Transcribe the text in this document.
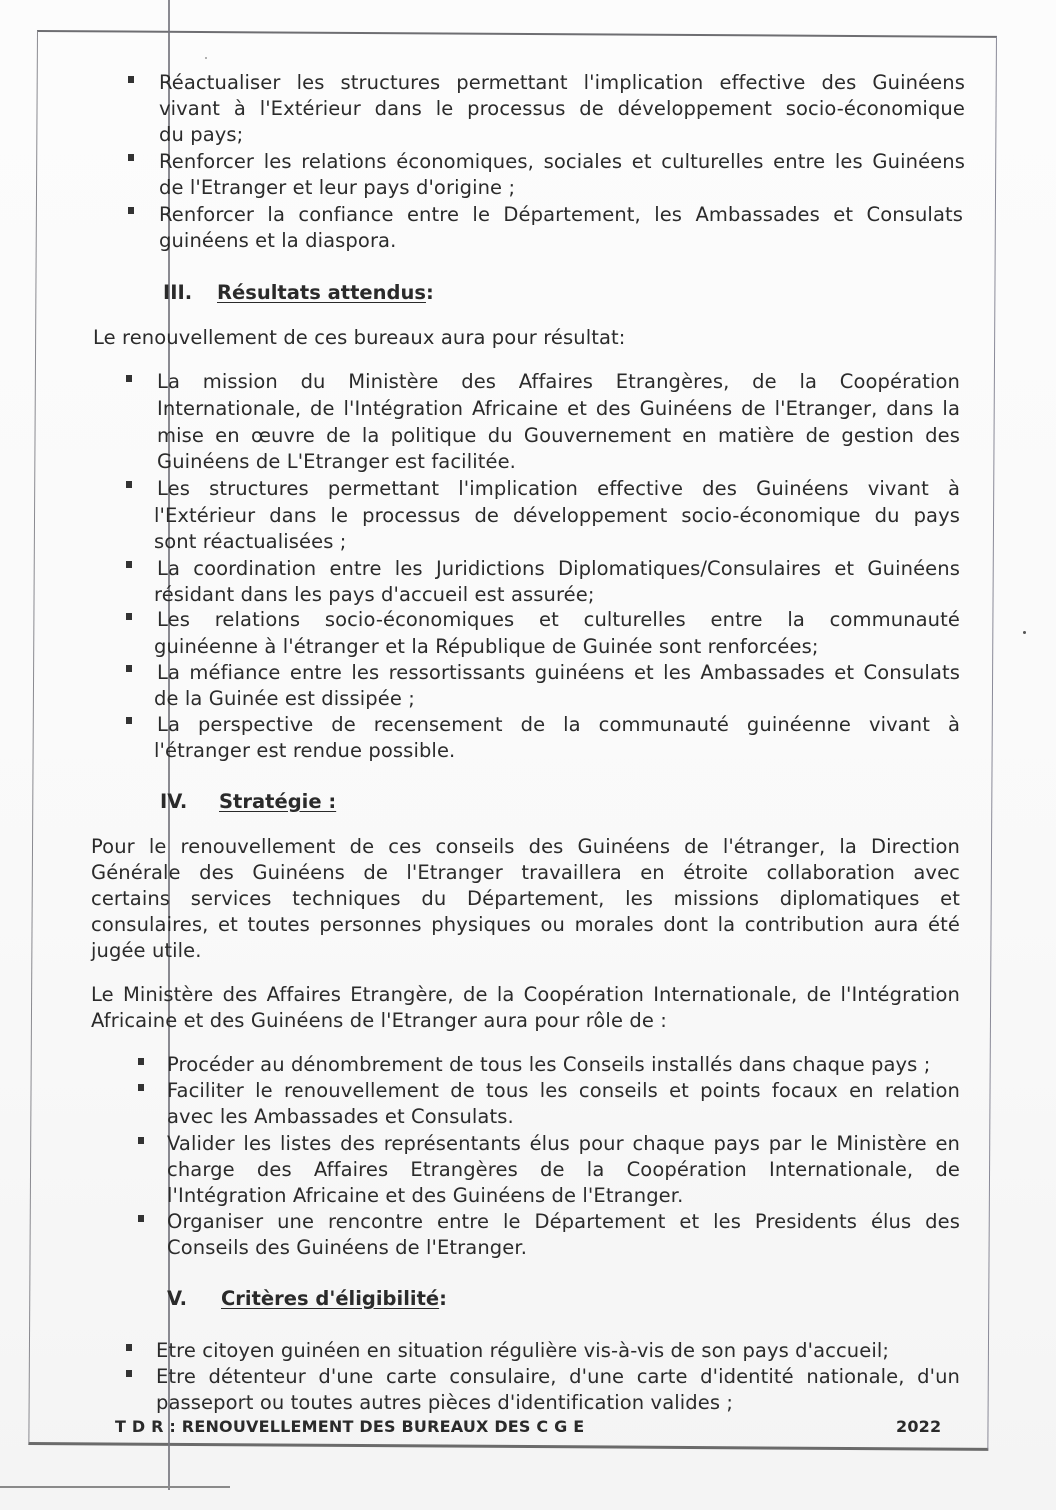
Réactualiser les structures permettant l'implication effective des Guinéens
vivant à l'Extérieur dans le processus de développement socio-économique
du pays;
Renforcer les relations économiques, sociales et culturelles entre les Guinéens
de l'Etranger et leur pays d'origine ;
Renforcer la confiance entre le Département, les Ambassades et Consulats
guinéens et la diaspora.
III. Résultats attendus:
Le renouvellement de ces bureaux aura pour résultat:
La mission du Ministère des Affaires Etrangères, de la Coopération
Internationale, de l'Intégration Africaine et des Guinéens de l'Etranger, dans la
mise en œuvre de la politique du Gouvernement en matière de gestion des
Guinéens de L'Etranger est facilitée.
Les structures permettant l'implication effective des Guinéens vivant à
l'Extérieur dans le processus de développement socio-économique du pays
sont réactualisées ;
La coordination entre les Juridictions Diplomatiques/Consulaires et Guinéens
résidant dans les pays d'accueil est assurée;
Les relations socio-économiques et culturelles entre la communauté
guinéenne à l'étranger et la République de Guinée sont renforcées;
La méfiance entre les ressortissants guinéens et les Ambassades et Consulats
de la Guinée est dissipée ;
La perspective de recensement de la communauté guinéenne vivant à
l'étranger est rendue possible.
IV. Stratégie :
Pour le renouvellement de ces conseils des Guinéens de l'étranger, la Direction
Générale des Guinéens de l'Etranger travaillera en étroite collaboration avec
certains services techniques du Département, les missions diplomatiques et
consulaires, et toutes personnes physiques ou morales dont la contribution aura été
jugée utile.
Le Ministère des Affaires Etrangère, de la Coopération Internationale, de l'Intégration
Africaine et des Guinéens de l'Etranger aura pour rôle de :
Procéder au dénombrement de tous les Conseils installés dans chaque pays ;
Faciliter le renouvellement de tous les conseils et points focaux en relation
avec les Ambassades et Consulats.
Valider les listes des représentants élus pour chaque pays par le Ministère en
charge des Affaires Etrangères de la Coopération Internationale, de
l'Intégration Africaine et des Guinéens de l'Etranger.
Organiser une rencontre entre le Département et les Presidents élus des
Conseils des Guinéens de l'Etranger.
V. Critères d'éligibilité:
Etre citoyen guinéen en situation régulière vis-à-vis de son pays d'accueil;
Etre détenteur d'une carte consulaire, d'une carte d'identité nationale, d'un
passeport ou toutes autres pièces d'identification valides ;
T D R : RENOUVELLEMENT DES BUREAUX DES C G E	2022
